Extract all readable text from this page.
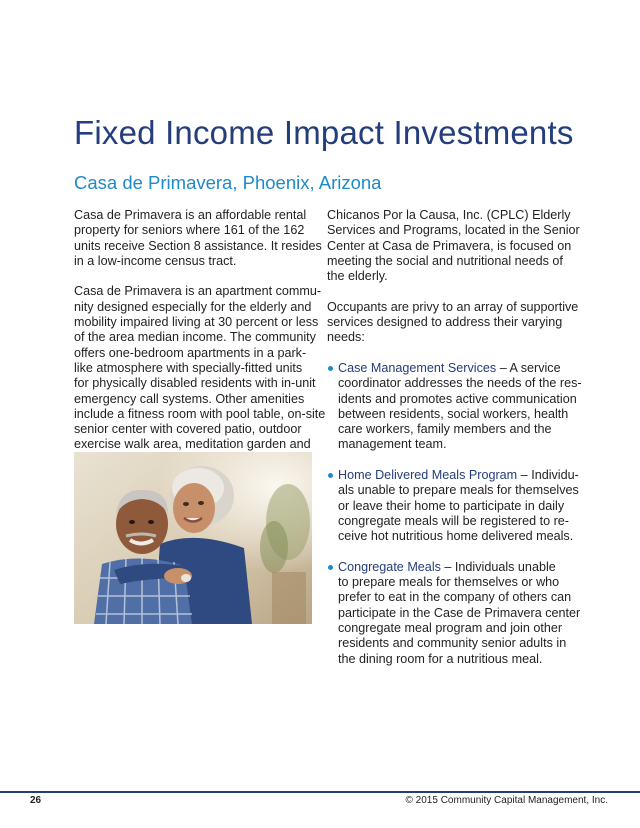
Fixed Income Impact Investments
Casa de Primavera, Phoenix, Arizona

Casa de Primavera is an affordable rental
property for seniors where 161 of the 162
units receive Section 8 assistance. It resides
in a low-income census tract.

Casa de Primavera is an apartment commu-
nity designed especially for the elderly and
mobility impaired living at 30 percent or less
of the area median income. The community
offers one-bedroom apartments in a park-
like atmosphere with specially-fitted units
for physically disabled residents with in-unit
emergency call systems. Other amenities
include a fitness room with pool table, on-site
senior center with covered patio, outdoor
exercise walk area, meditation garden and

Chicanos Por la Causa, Inc. (CPLC) Elderly
Services and Programs, located in the Senior
Center at Casa de Primavera, is focused on
meeting the social and nutritional needs of
the elderly.

Occupants are privy to an array of supportive
services designed to address their varying
needs:

Case Management Services – A service
coordinator addresses the needs of the res-
idents and promotes active communication
between residents, social workers, health
care workers, family members and the
management team.
Home Delivered Meals Program – Individu-
als unable to prepare meals for themselves
or leave their home to participate in daily
congregate meals will be registered to re-
ceive hot nutritious home delivered meals.
Congregate Meals – Individuals unable
to prepare meals for themselves or who
prefer to eat in the company of others can
participate in the Case de Primavera center
congregate meal program and join other
residents and community senior adults in
the dining room for a nutritious meal.
26	© 2015 Community Capital Management, Inc.
